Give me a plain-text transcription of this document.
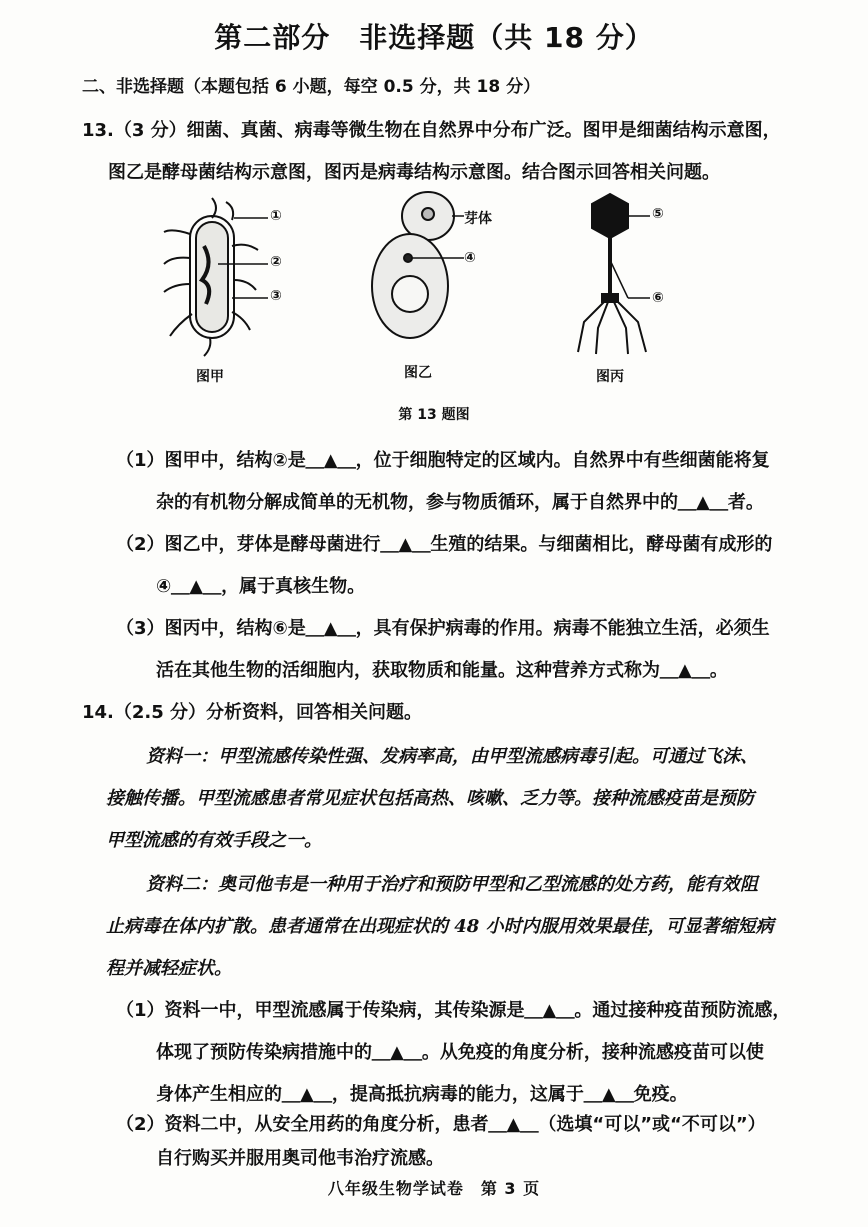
第二部分　非选择题（共 18 分）
二、非选择题（本题包括 6 小题，每空 0.5 分，共 18 分）
13.（3 分）细菌、真菌、病毒等微生物在自然界中分布广泛。图甲是细菌结构示意图，
图乙是酵母菌结构示意图，图丙是病毒结构示意图。结合图示回答相关问题。
①
②
③
图甲
芽体
④
图乙
⑤
⑥
图丙
第 13 题图
（1）图甲中，结构②是＿▲＿，位于细胞特定的区域内。自然界中有些细菌能将复
杂的有机物分解成简单的无机物，参与物质循环，属于自然界中的＿▲＿者。
（2）图乙中，芽体是酵母菌进行＿▲＿生殖的结果。与细菌相比，酵母菌有成形的
④＿▲＿，属于真核生物。
（3）图丙中，结构⑥是＿▲＿，具有保护病毒的作用。病毒不能独立生活，必须生
活在其他生物的活细胞内，获取物质和能量。这种营养方式称为＿▲＿。
14.（2.5 分）分析资料，回答相关问题。
资料一：甲型流感传染性强、发病率高，由甲型流感病毒引起。可通过飞沫、
接触传播。甲型流感患者常见症状包括高热、咳嗽、乏力等。接种流感疫苗是预防
甲型流感的有效手段之一。
资料二：奥司他韦是一种用于治疗和预防甲型和乙型流感的处方药，能有效阻
止病毒在体内扩散。患者通常在出现症状的 48 小时内服用效果最佳，可显著缩短病
程并减轻症状。
（1）资料一中，甲型流感属于传染病，其传染源是＿▲＿。通过接种疫苗预防流感，
体现了预防传染病措施中的＿▲＿。从免疫的角度分析，接种流感疫苗可以使
身体产生相应的＿▲＿，提高抵抗病毒的能力，这属于＿▲＿免疫。
（2）资料二中，从安全用药的角度分析，患者＿▲＿（选填“可以”或“不可以”）
自行购买并服用奥司他韦治疗流感。
八年级生物学试卷　第 3 页
